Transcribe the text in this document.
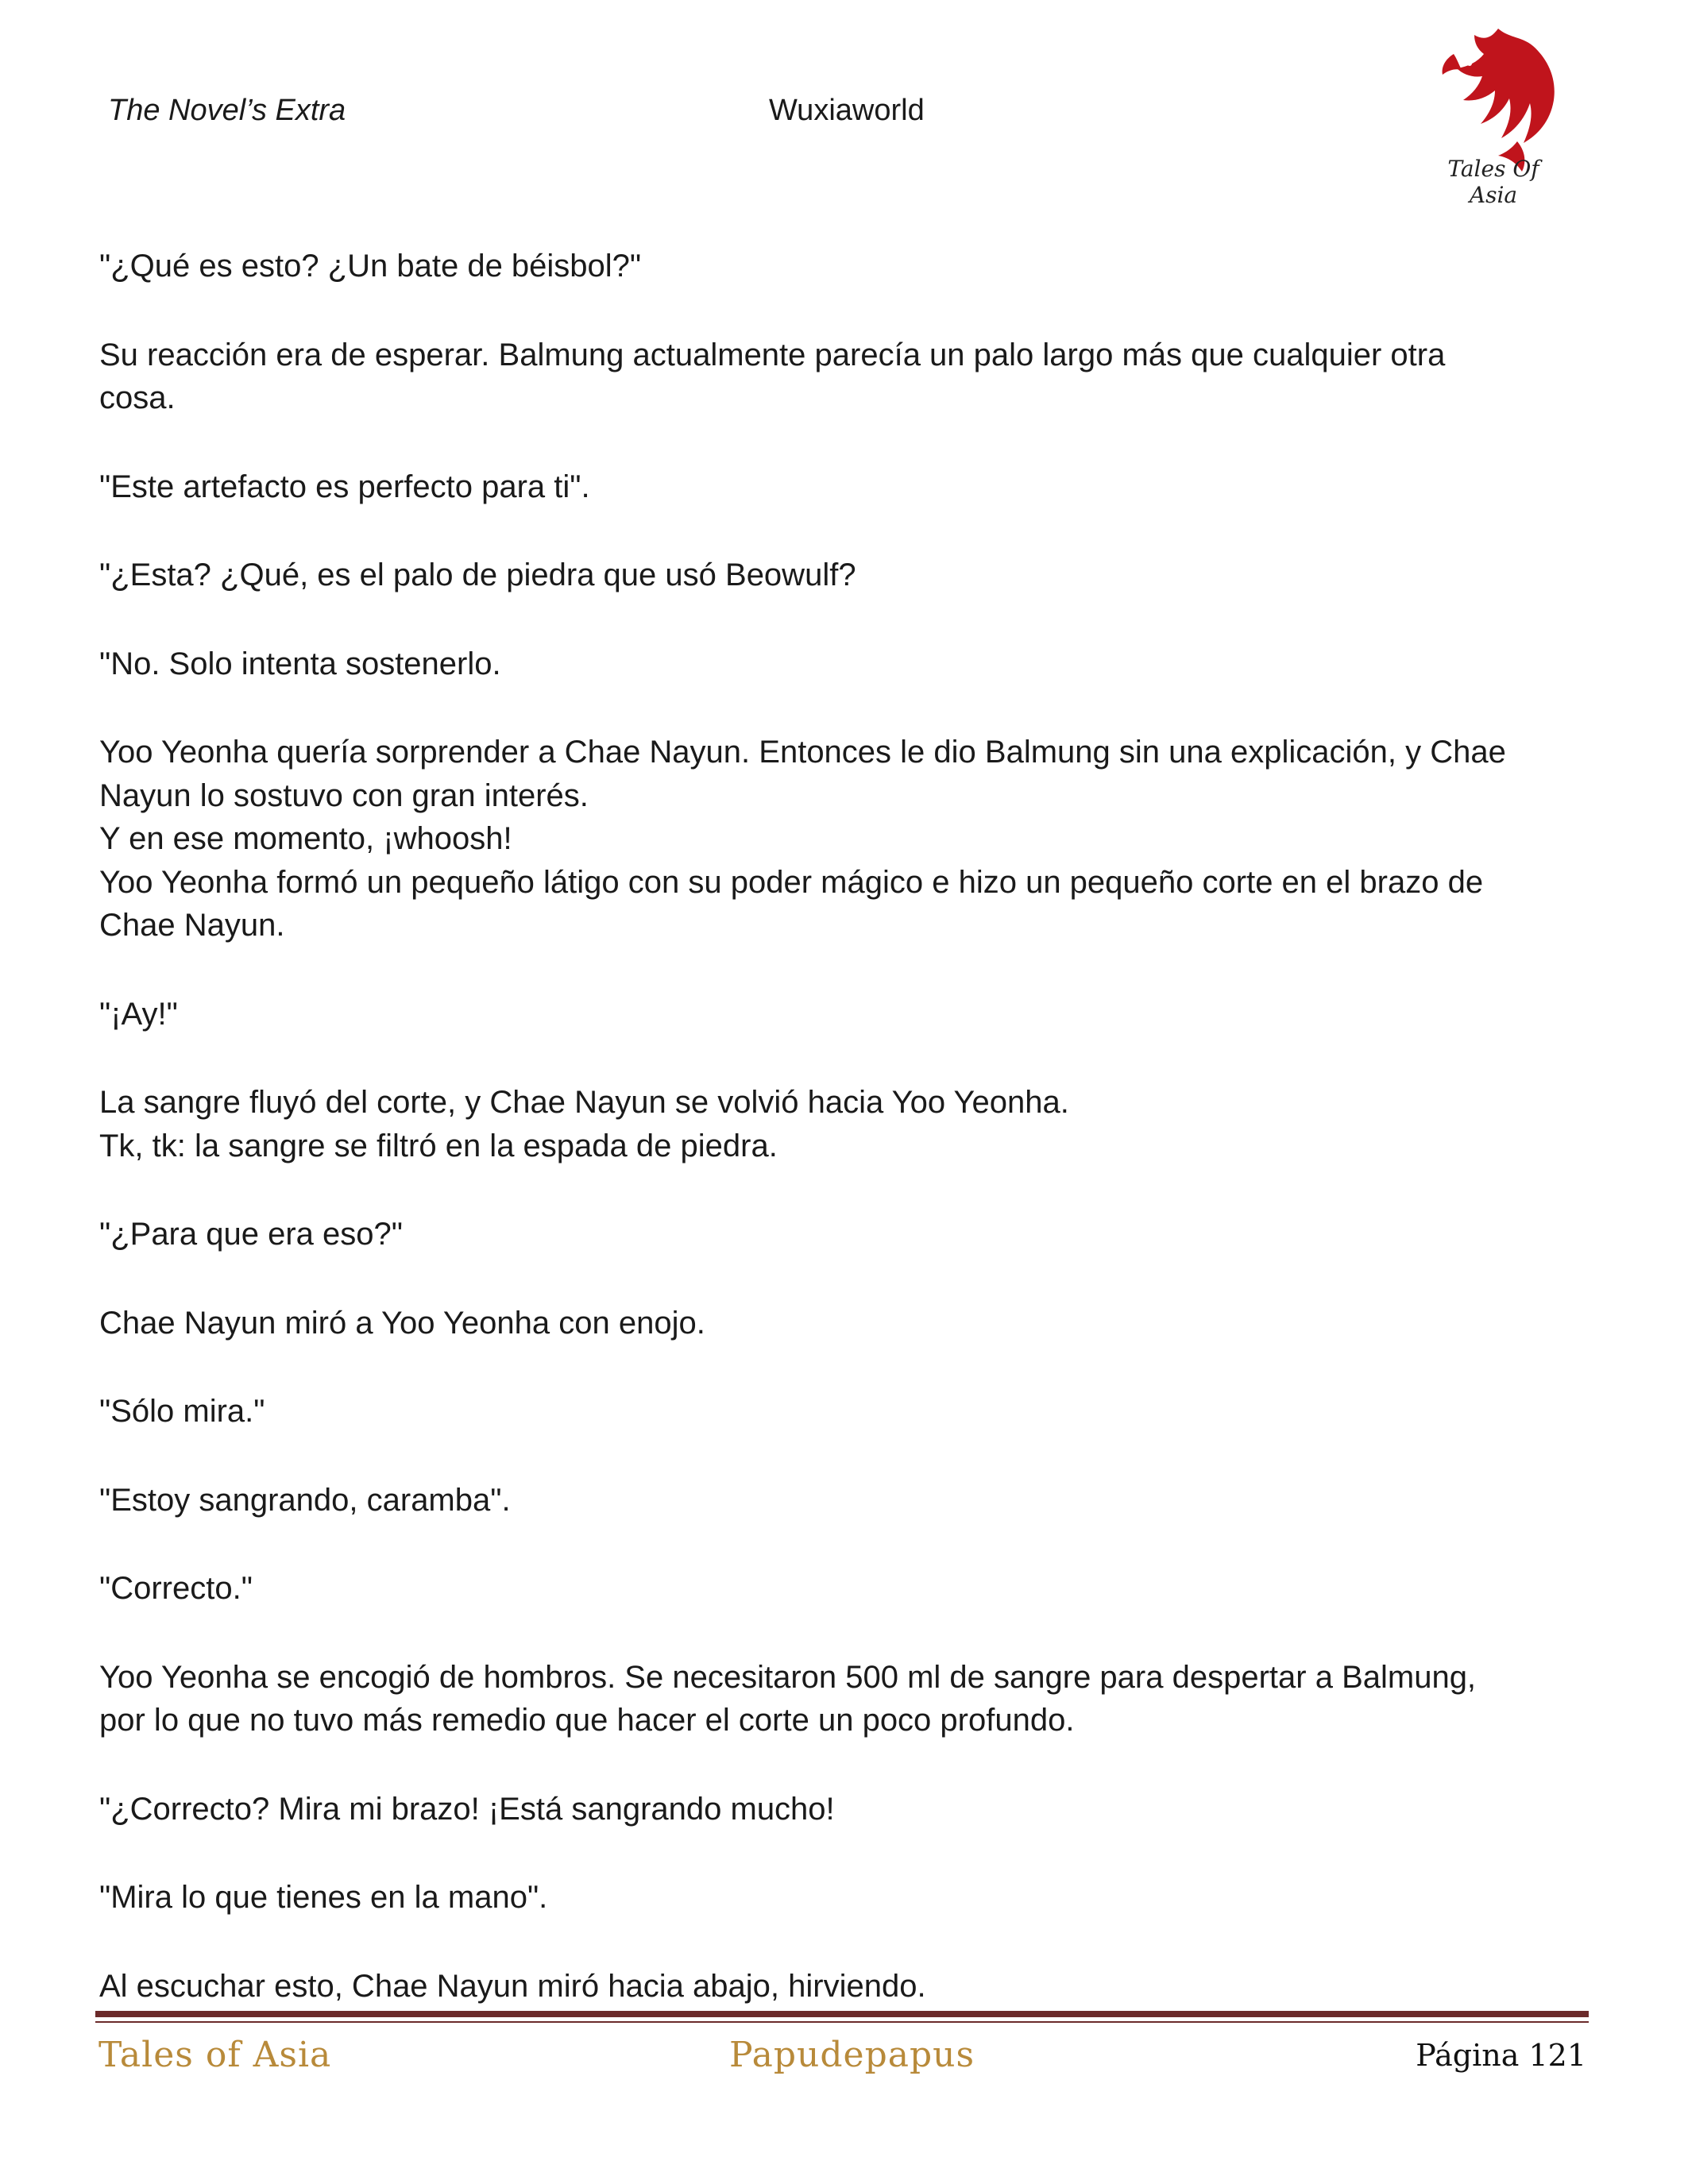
The Novel’s Extra	Wuxiaworld
Tales Of Asia

"¿Qué es esto? ¿Un bate de béisbol?"

Su reacción era de esperar. Balmung actualmente parecía un palo largo más que cualquier otra

cosa.

"Este artefacto es perfecto para ti".

"¿Esta? ¿Qué, es el palo de piedra que usó Beowulf?

"No. Solo intenta sostenerlo.

Yoo Yeonha quería sorprender a Chae Nayun. Entonces le dio Balmung sin una explicación, y Chae

Nayun lo sostuvo con gran interés.

Y en ese momento, ¡whoosh!

Yoo Yeonha formó un pequeño látigo con su poder mágico e hizo un pequeño corte en el brazo de

Chae Nayun.

"¡Ay!"

La sangre fluyó del corte, y Chae Nayun se volvió hacia Yoo Yeonha.

Tk, tk: la sangre se filtró en la espada de piedra.

"¿Para que era eso?"

Chae Nayun miró a Yoo Yeonha con enojo.

"Sólo mira."

"Estoy sangrando, caramba".

"Correcto."

Yoo Yeonha se encogió de hombros. Se necesitaron 500 ml de sangre para despertar a Balmung,

por lo que no tuvo más remedio que hacer el corte un poco profundo.

"¿Correcto? Mira mi brazo! ¡Está sangrando mucho!

"Mira lo que tienes en la mano".

Al escuchar esto, Chae Nayun miró hacia abajo, hirviendo.

Tales of Asia	Papudepapus	Página 121
